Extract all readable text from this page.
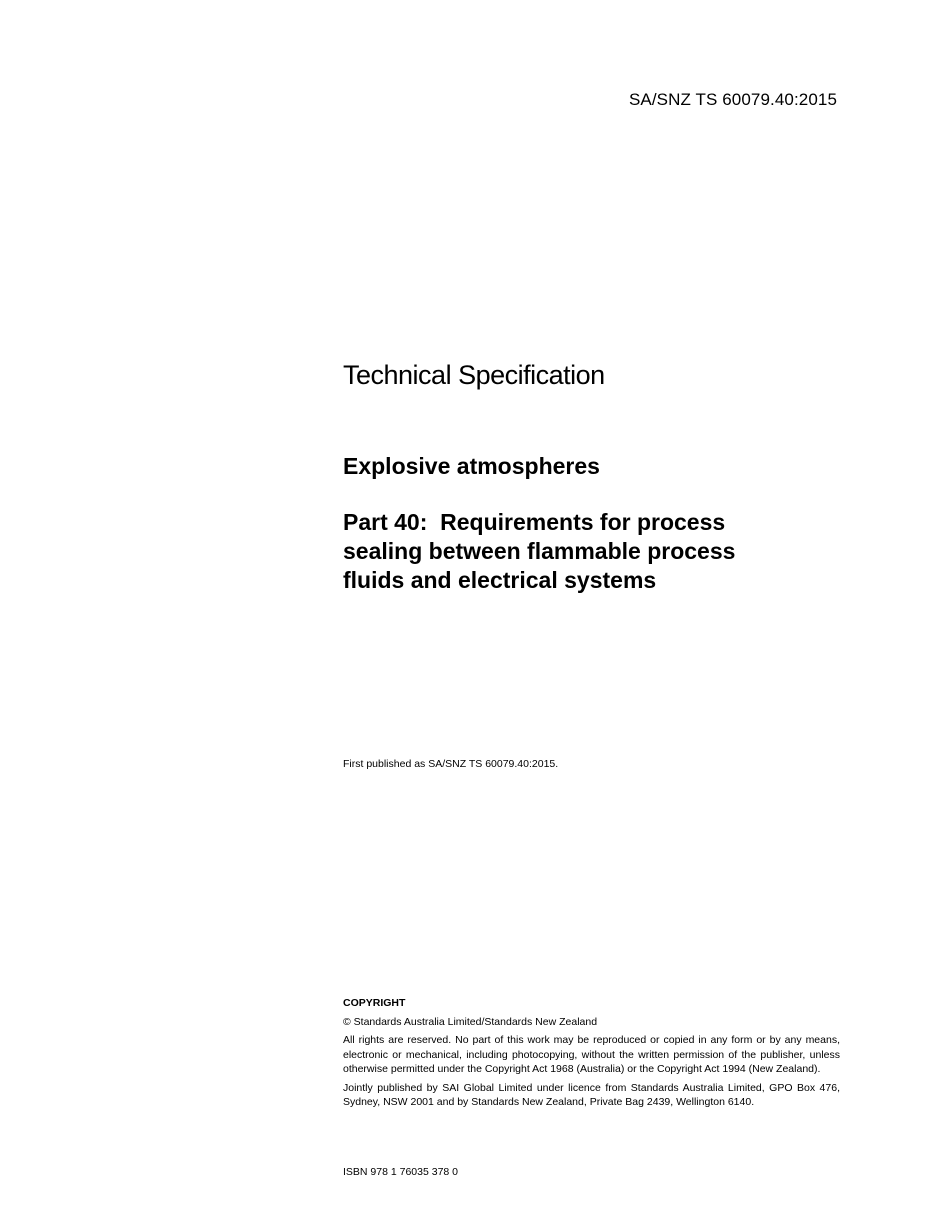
SA/SNZ TS 60079.40:2015
Technical Specification
Explosive atmospheres
Part 40:  Requirements for process
sealing between flammable process
fluids and electrical systems
First published as SA/SNZ TS 60079.40:2015.
COPYRIGHT
© Standards Australia Limited/Standards New Zealand
All rights are reserved. No part of this work may be reproduced or copied in any form or by any means, electronic or mechanical, including photocopying, without the written permission of the publisher, unless otherwise permitted under the Copyright Act 1968 (Australia) or the Copyright Act 1994 (New Zealand).
Jointly published by SAI Global Limited under licence from Standards Australia Limited, GPO Box 476, Sydney, NSW 2001 and by Standards New Zealand, Private Bag 2439, Wellington 6140.
ISBN 978 1 76035 378 0
